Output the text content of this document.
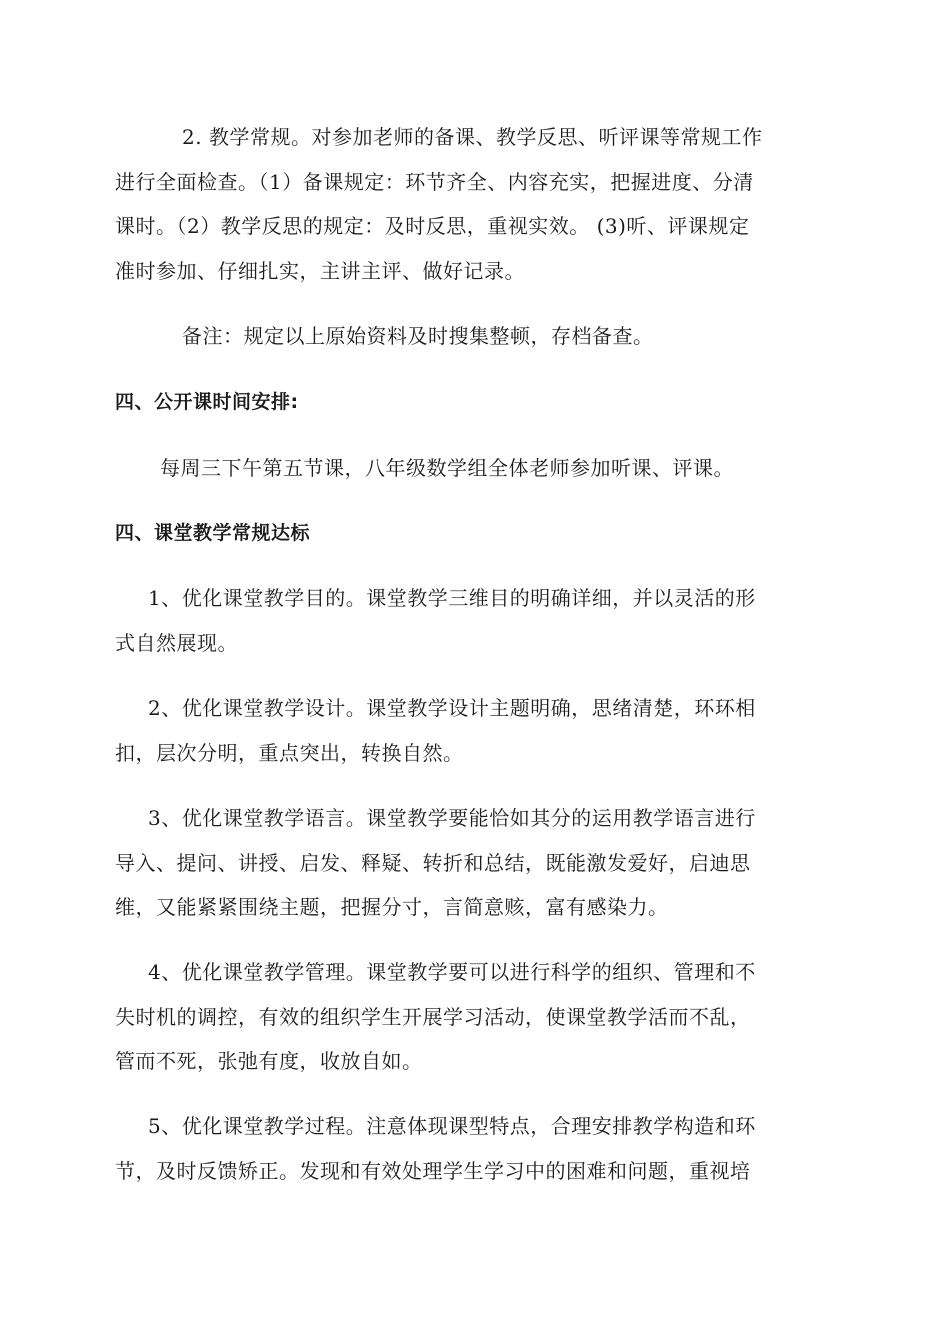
2. 教学常规。对参加老师的备课、教学反思、听评课等常规工作
进行全面检查。（1）备课规定：环节齐全、内容充实，把握进度、分清
课时。（2）教学反思的规定：及时反思，重视实效。 (3)听、评课规定
准时参加、仔细扎实，主讲主评、做好记录。
备注：规定以上原始资料及时搜集整顿，存档备查。
四、公开课时间安排:
每周三下午第五节课，八年级数学组全体老师参加听课、评课。
四、课堂教学常规达标
1、优化课堂教学目的。课堂教学三维目的明确详细，并以灵活的形
式自然展现。
2、优化课堂教学设计。课堂教学设计主题明确，思绪清楚，环环相
扣，层次分明，重点突出，转换自然。
3、优化课堂教学语言。课堂教学要能恰如其分的运用教学语言进行
导入、提问、讲授、启发、释疑、转折和总结，既能激发爱好，启迪思
维，又能紧紧围绕主题，把握分寸，言简意赅，富有感染力。
4、优化课堂教学管理。课堂教学要可以进行科学的组织、管理和不
失时机的调控，有效的组织学生开展学习活动，使课堂教学活而不乱，
管而不死，张弛有度，收放自如。
5、优化课堂教学过程。注意体现课型特点，合理安排教学构造和环
节，及时反馈矫正。发现和有效处理学生学习中的困难和问题，重视培
